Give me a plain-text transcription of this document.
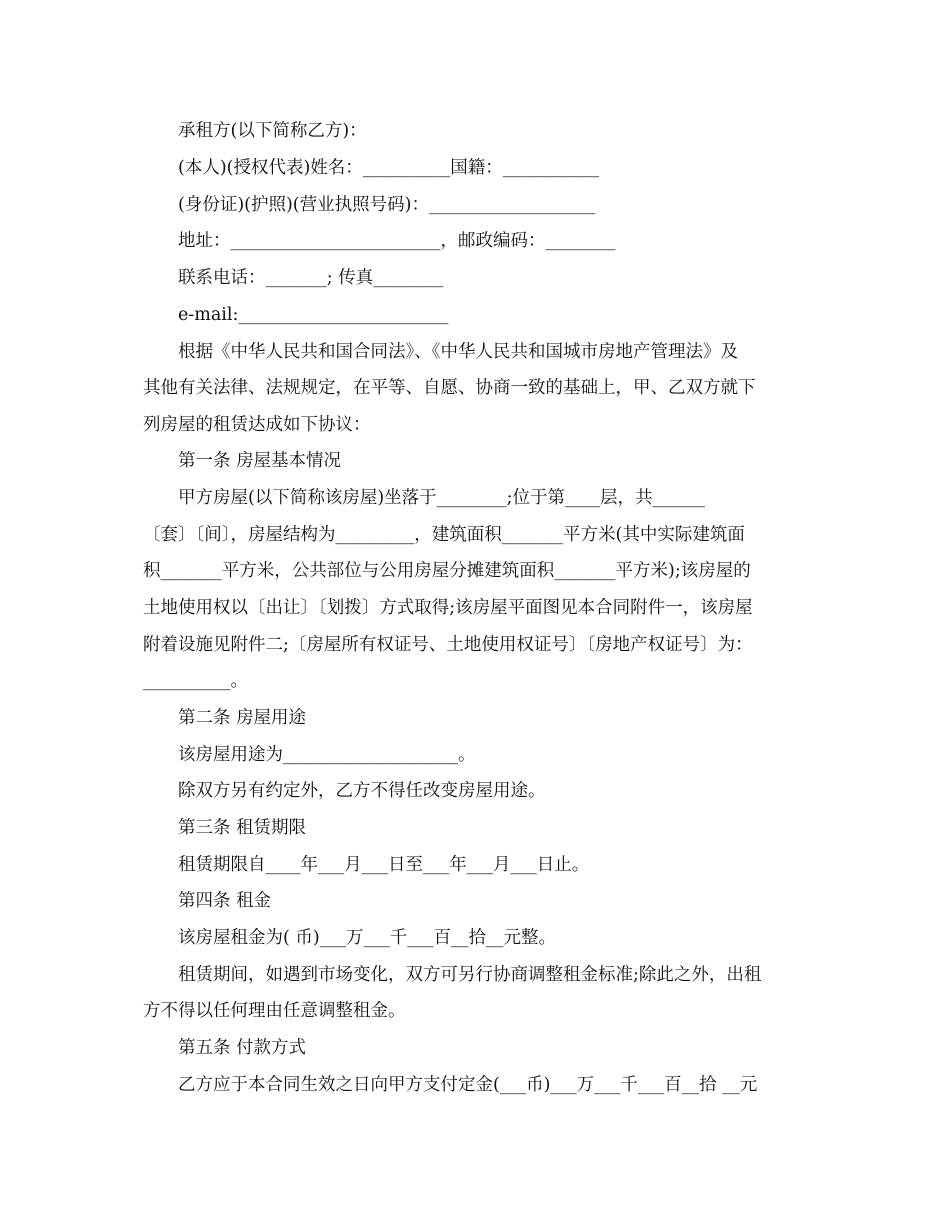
承租方(以下简称乙方)：

(本人)(授权代表)姓名：__________国籍：___________

(身份证)(护照)(营业执照号码)：___________________

地址：________________________，邮政编码：________

联系电话：_______; 传真________

e-mail:________________________

根据《中华人民共和国合同法》、《中华人民共和国城市房地产管理法》及

其他有关法律、法规规定，在平等、自愿、协商一致的基础上，甲、乙双方就下

列房屋的租赁达成如下协议：

第一条 房屋基本情况

甲方房屋(以下简称该房屋)坐落于________;位于第____层，共______

〔套〕〔间〕，房屋结构为_________，建筑面积_______平方米(其中实际建筑面

积_______平方米，公共部位与公用房屋分摊建筑面积_______平方米);该房屋的

土地使用权以〔出让〕〔划拨〕方式取得;该房屋平面图见本合同附件一，该房屋

附着设施见附件二;〔房屋所有权证号、土地使用权证号〕〔房地产权证号〕为：

__________。

第二条 房屋用途

该房屋用途为____________________。

除双方另有约定外，乙方不得任改变房屋用途。

第三条 租赁期限

租赁期限自____年___月___日至___年___月___日止。

第四条 租金

该房屋租金为( 币)___万___千___百__拾__元整。

租赁期间，如遇到市场变化，双方可另行协商调整租金标准;除此之外，出租

方不得以任何理由任意调整租金。

第五条 付款方式

乙方应于本合同生效之日向甲方支付定金(___币)___万___千___百__拾 __元
